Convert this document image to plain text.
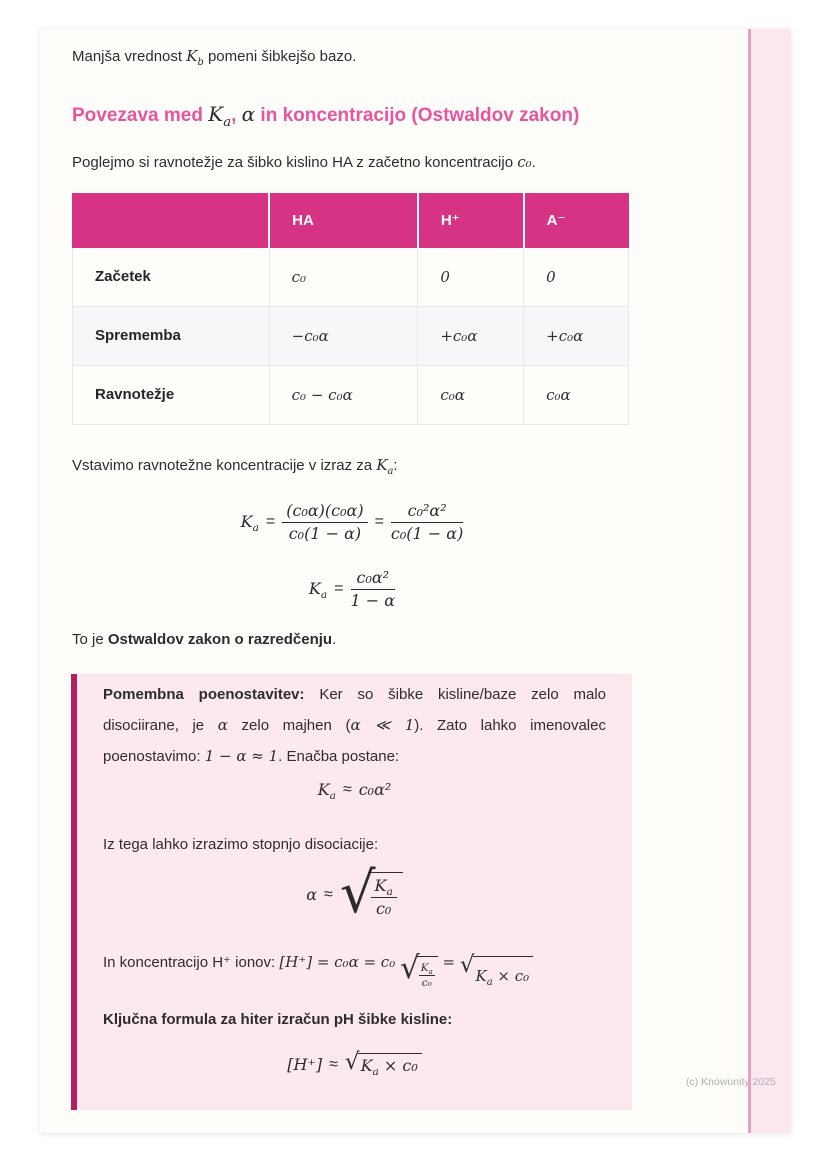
Manjša vrednost $K_b$ pomeni šibkejšo bazo.

Povezava med $K_a$, α in koncentracijo (Ostwaldov zakon)

Poglejmo si ravnotežje za šibko kislino HA z začetno koncentracijo c₀.

	HA	H⁺	A⁻
Začetek	c₀	0	0
Sprememba	−c₀α	+c₀α	+c₀α
Ravnotežje	c₀ − c₀α	c₀α	c₀α

Vstavimo ravnotežne koncentracije v izraz za $K_a$:

$K_a = \frac{\text{(c₀α)(c₀α)}}{\text{c₀(1 − α)}} = \frac{\text{c₀²α²}}{\text{c₀(1 − α)}}$
$K_a = \frac{\text{c₀α²}}{1 - \alpha}$

To je Ostwaldov zakon o razredčenju.

Pomembna poenostavitev: Ker so šibke kisline/baze zelo malo disociirane, je α zelo majhen (α ≪ 1). Zato lahko imenovalec poenostavimo: 1 − α ≈ 1. Enačba postane:

$K_a \approx c_0\alpha^2$

Iz tega lahko izrazimo stopnjo disociacije:

α ≈ √
$\frac{K_a}{\text{c₀}}$

In koncentracijo H⁺ ionov: [H⁺] = c₀α = c₀ √ $\frac{K_a}{\text{c₀}}$
= √ $K_a \times c_0$

Ključna formula za hiter izračun pH šibke kisline:

[H⁺] ≈ √ $K_a \times c_0$
(c) Knowunity 2025
